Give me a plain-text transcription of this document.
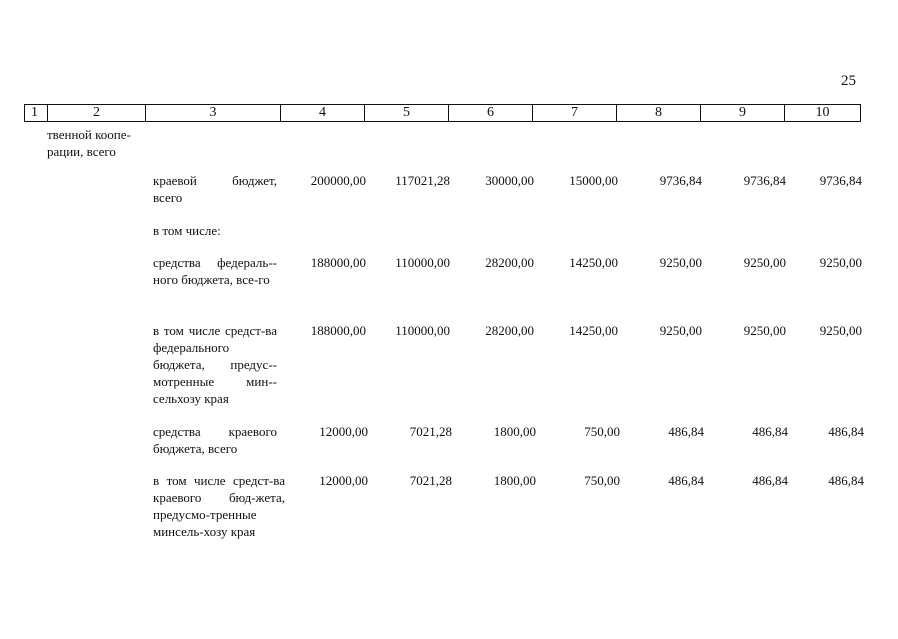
25
1	2	3	4	5	6	7	8	9	10
твенной коопе-
рации, всего
краевой бюджет, всего
200000,00	117021,28	30000,00	15000,00	9736,84	9736,84	9736,84
в том числе:
средства федераль-ного бюджета, все-го
188000,00	110000,00	28200,00	14250,00	9250,00	9250,00	9250,00
в том числе средст-ва федерального бюджета, предус-мотренные мин-сельхозу края
188000,00	110000,00	28200,00	14250,00	9250,00	9250,00	9250,00
средства краевого бюджета, всего
12000,00	7021,28	1800,00	750,00	486,84	486,84	486,84
в том числе средст-ва краевого бюд-жета, предусмо-тренные минсель-хозу края
12000,00	7021,28	1800,00	750,00	486,84	486,84	486,84
